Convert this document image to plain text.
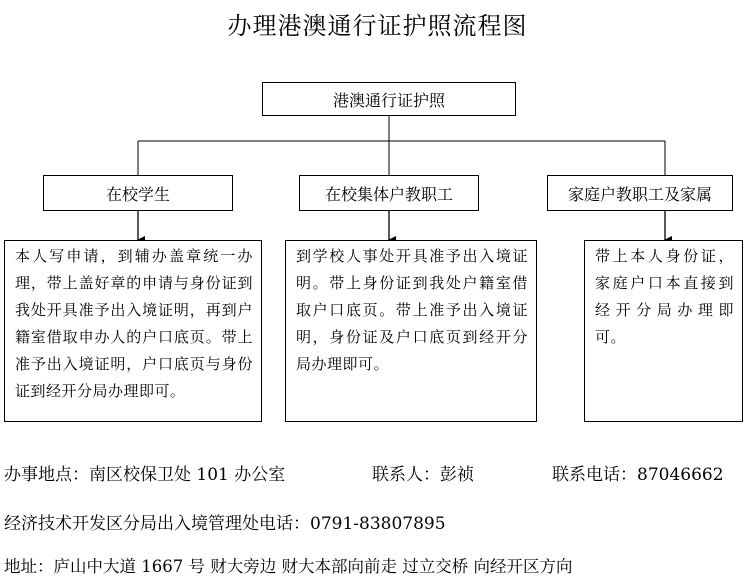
办理港澳通行证护照流程图
港澳通行证护照
在校学生	在校集体户教职工	家庭户教职工及家属
本人写申请，到辅办盖章统一办理，带上盖好章的申请与身份证到我处开具准予出入境证明，再到户籍室借取申办人的户口底页。带上准予出入境证明，户口底页与身份证到经开分局办理即可。
到学校人事处开具准予出入境证明。带上身份证到我处户籍室借取户口底页。带上准予出入境证明，身份证及户口底页到经开分局办理即可。
带上本人身份证，家庭户口本直接到经开分局办理即可。
办事地点：南区校保卫处 101 办公室	联系人：彭祯	联系电话：87046662
经济技术开发区分局出入境管理处电话：0791-83807895
地址：庐山中大道 1667 号 财大旁边 财大本部向前走 过立交桥 向经开区方向
